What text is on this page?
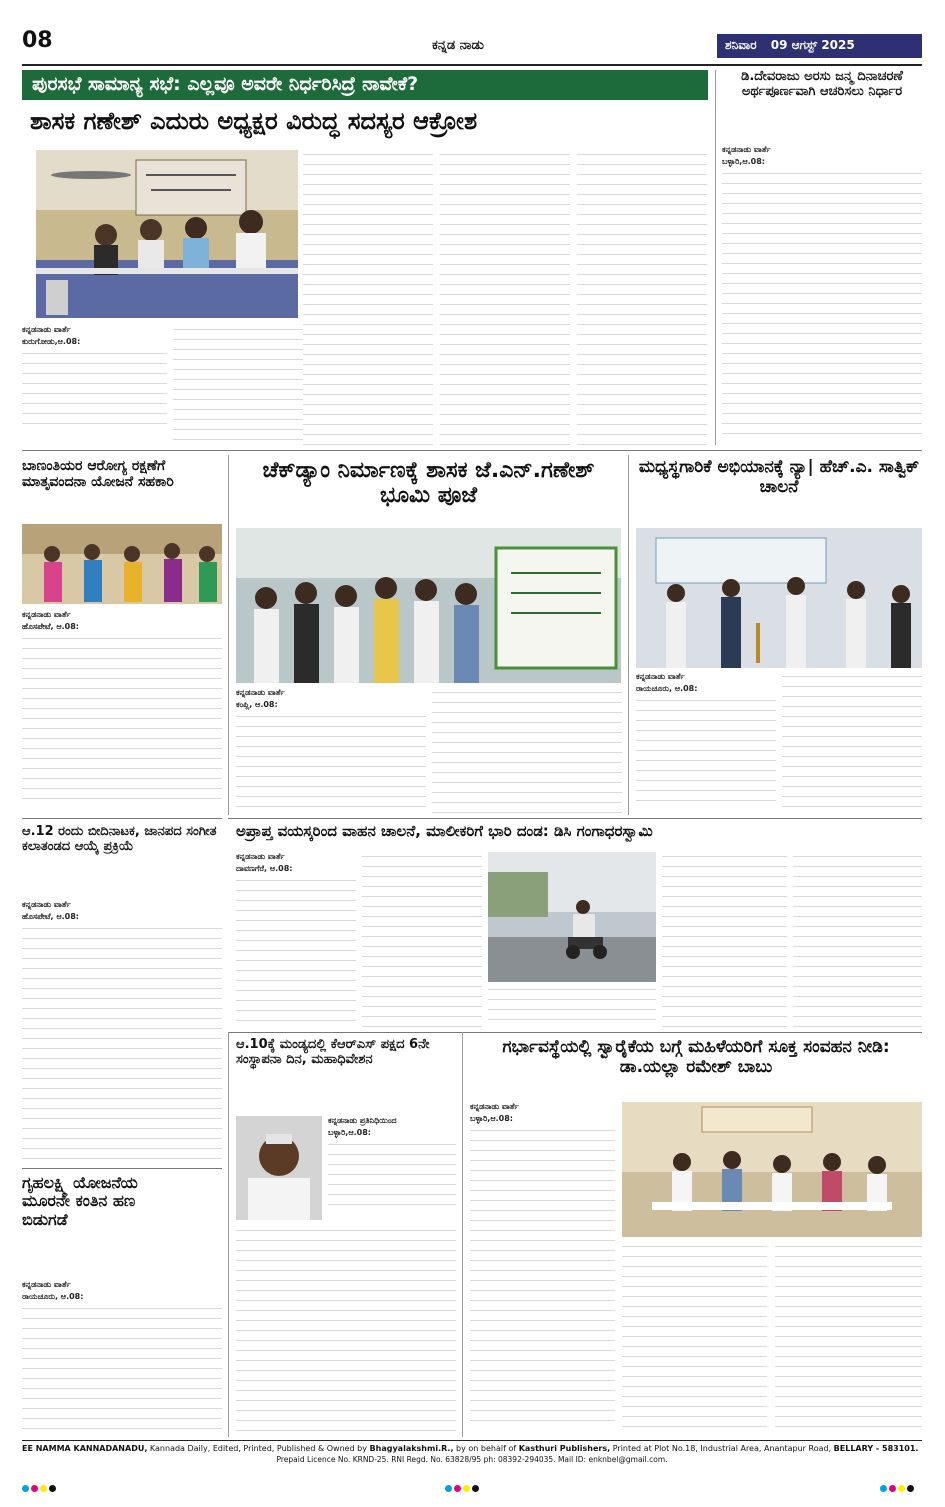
08	ಕನ್ನಡ ನಾಡು	ಶನಿವಾರ 09 ಆಗಸ್ಟ್ 2025
ಪುರಸಭೆ ಸಾಮಾನ್ಯ ಸಭೆ: ಎಲ್ಲವೂ ಅವರೇ ನಿರ್ಧರಿಸಿದ್ರೆ ನಾವೇಕೆ?
ಶಾಸಕ ಗಣೇಶ್ ಎದುರು ಅಧ್ಯಕ್ಷರ ವಿರುದ್ಧ ಸದಸ್ಯರ ಆಕ್ರೋಶ
ಕನ್ನಡನಾಡು ವಾರ್ತೆ
ಕುರುಗೋಡು,ಆ.08:
ಡಿ.ದೇವರಾಜು ಅರಸು ಜನ್ಮ ದಿನಾಚರಣೆ ಅರ್ಥಪೂರ್ಣವಾಗಿ ಆಚರಿಸಲು ನಿರ್ಧಾರ
ಕನ್ನಡನಾಡು ವಾರ್ತೆ
ಬಳ್ಳಾರಿ,ಆ.08:
ಬಾಣಂತಿಯರ ಆರೋಗ್ಯ ರಕ್ಷಣೆಗೆ ಮಾತೃವಂದನಾ ಯೋಜನೆ ಸಹಕಾರಿ
ಕನ್ನಡನಾಡು ವಾರ್ತೆ
ಹೊಸಪೇಟೆ, ಆ.08:
ಚೆಕ್‌ಡ್ಯಾಂ ನಿರ್ಮಾಣಕ್ಕೆ ಶಾಸಕ ಜೆ.ಎನ್.ಗಣೇಶ್ ಭೂಮಿ ಪೂಜೆ
ಕನ್ನಡನಾಡು ವಾರ್ತೆ
ಕಂಪ್ಲಿ, ಆ.08:
ಮಧ್ಯಸ್ಥಗಾರಿಕೆ ಅಭಿಯಾನಕ್ಕೆ ನ್ಯಾ| ಹೆಚ್.ಎ. ಸಾತ್ವಿಕ್ ಚಾಲನೆ
ಕನ್ನಡನಾಡು ವಾರ್ತೆ
ರಾಯಚೂರು, ಆ.08:
ಅಪ್ರಾಪ್ತ ವಯಸ್ಕರಿಂದ ವಾಹನ ಚಾಲನೆ, ಮಾಲೀಕರಿಗೆ ಭಾರಿ ದಂಡ: ಡಿಸಿ ಗಂಗಾಧರಸ್ವಾಮಿ
ಕನ್ನಡನಾಡು ವಾರ್ತೆ
ದಾವಣಗೆರೆ, ಆ.08:
ಆ.12 ರಂದು ಬೀದಿನಾಟಕ, ಜಾನಪದ ಸಂಗೀತ ಕಲಾತಂಡದ ಆಯ್ಕೆ ಪ್ರಕ್ರಿಯೆ
ಕನ್ನಡನಾಡು ವಾರ್ತೆ
ಹೊಸಪೇಟೆ, ಆ.08:
ಗೃಹಲಕ್ಷ್ಮಿ ಯೋಜನೆಯ ಮೂರನೇ ಕಂತಿನ ಹಣ ಬಿಡುಗಡೆ
ಕನ್ನಡನಾಡು ವಾರ್ತೆ
ರಾಯಚೂರು, ಆ.08:
ಆ.10ಕ್ಕೆ ಮಂಡ್ಯದಲ್ಲಿ ಕೆಆರ್‌ಎಸ್ ಪಕ್ಷದ 6ನೇ ಸಂಸ್ಥಾಪನಾ ದಿನ, ಮಹಾಧಿವೇಶನ
ಕನ್ನಡನಾಡು ಪ್ರತಿನಿಧಿಯಿಂದ
ಬಳ್ಳಾರಿ,ಆ.08:
ಗರ್ಭಾವಸ್ಥೆಯಲ್ಲಿ ಸ್ವಾರೈಕೆಯ ಬಗ್ಗೆ ಮಹಿಳೆಯರಿಗೆ ಸೂಕ್ತ ಸಂವಹನ ನೀಡಿ: ಡಾ.ಯಲ್ಲಾ ರಮೇಶ್ ಬಾಬು
ಕನ್ನಡನಾಡು ವಾರ್ತೆ
ಬಳ್ಳಾರಿ,ಆ.08:
EE NAMMA KANNADANADU, Kannada Daily, Edited, Printed, Published & Owned by Bhagyalakshmi.R., by on behalf of Kasthuri Publishers, Printed at Plot No.18, Industrial Area, Anantapur Road, BELLARY - 583101.
Prepaid Licence No. KRND-25. RNI Regd. No. 63828/95 ph: 08392-294035. Mail ID: enknbel@gmail.com.
